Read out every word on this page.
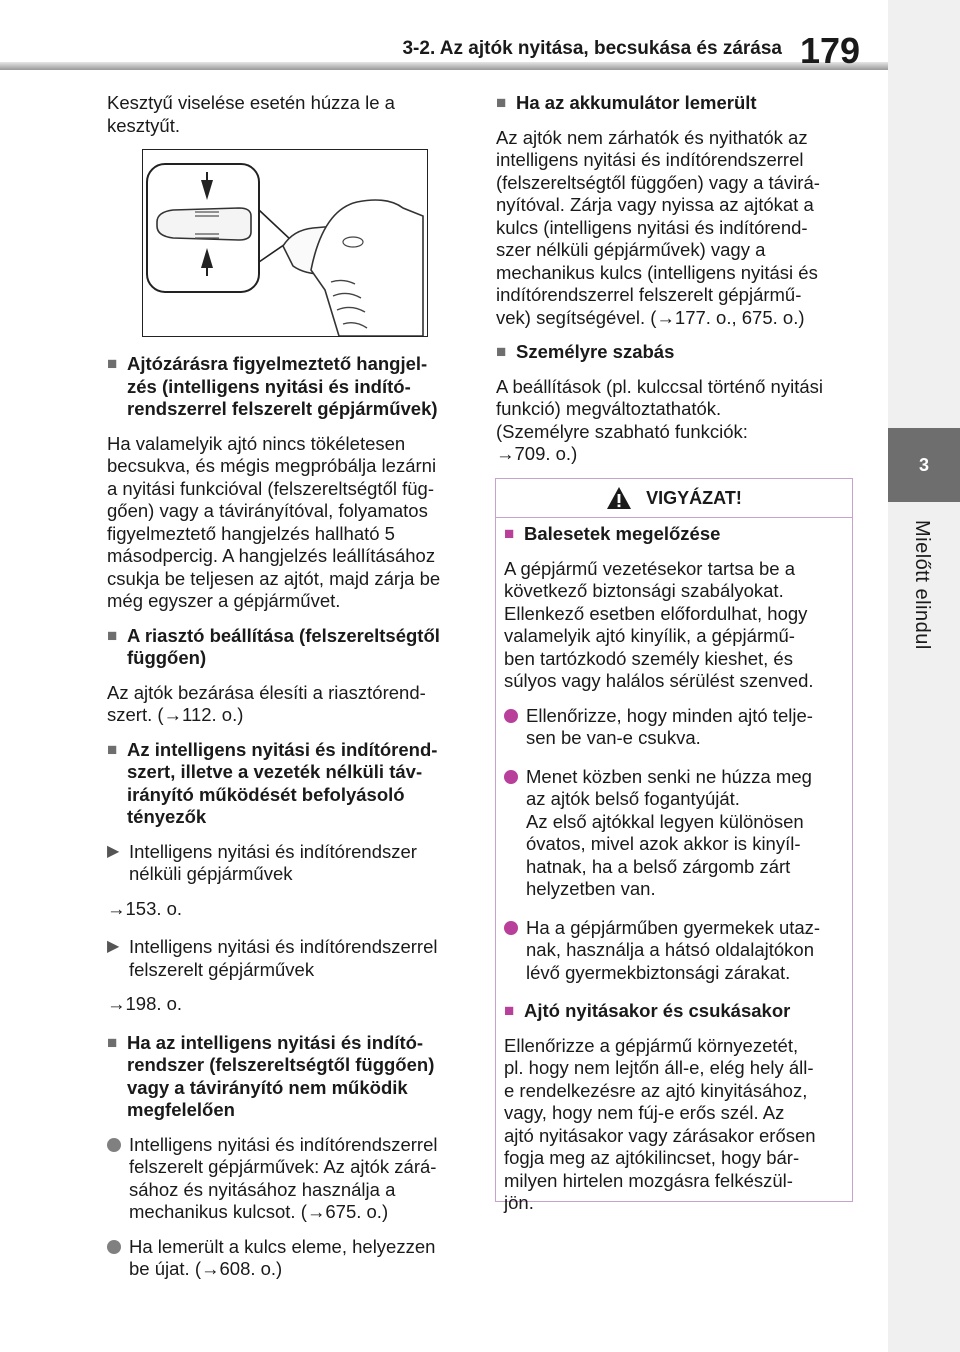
3-2. Az ajtók nyitása, becsukása és zárása 179
3
Mielőtt elindul

Kesztyű viselése esetén húzza le a
kesztyűt.

■ Ajtózárásra figyelmeztető hangjel-
zés (intelligens nyitási és indító-
rendszerrel felszerelt gépjárművek)

Ha valamelyik ajtó nincs tökéletesen
becsukva, és mégis megpróbálja lezárni
a nyitási funkcióval (felszereltségtől füg-
gően) vagy a távirányítóval, folyamatos
figyelmeztető hangjelzés hallható 5
másodpercig. A hangjelzés leállításához
csukja be teljesen az ajtót, majd zárja be
még egyszer a gépjárművet.

■ A riasztó beállítása (felszereltségtől
függően)

Az ajtók bezárása élesíti a riasztórend-
szert. (→112. o.)

■ Az intelligens nyitási és indítórend-
szert, illetve a vezeték nélküli táv-
irányító működését befolyásoló
tényezők
▶ Intelligens nyitási és indítórendszer
nélküli gépjárművek

→153. o.

▶ Intelligens nyitási és indítórendszerrel
felszerelt gépjárművek

→198. o.

■ Ha az intelligens nyitási és indító-
rendszer (felszereltségtől függően)
vagy a távirányító nem működik
megfelelően
Intelligens nyitási és indítórendszerrel
felszerelt gépjárművek: Az ajtók zárá-
sához és nyitásához használja a
mechanikus kulcsot. (→675. o.)
Ha lemerült a kulcs eleme, helyezzen
be újat. (→608. o.)
■ Ha az akkumulátor lemerült

Az ajtók nem zárhatók és nyithatók az
intelligens nyitási és indítórendszerrel
(felszereltségtől függően) vagy a távirá-
nyítóval. Zárja vagy nyissa az ajtókat a
kulcs (intelligens nyitási és indítórend-
szer nélküli gépjárművek) vagy a
mechanikus kulcs (intelligens nyitási és
indítórendszerrel felszerelt gépjármű-
vek) segítségével. (→177. o., 675. o.)

■ Személyre szabás

A beállítások (pl. kulccsal történő nyitási
funkció) megváltoztathatók.
(Személyre szabható funkciók:
→709. o.)

VIGYÁZAT!
■ Balesetek megelőzése

A gépjármű vezetésekor tartsa be a
következő biztonsági szabályokat.
Ellenkező esetben előfordulhat, hogy
valamelyik ajtó kinyílik, a gépjármű-
ben tartózkodó személy kieshet, és
súlyos vagy halálos sérülést szenved.

Ellenőrizze, hogy minden ajtó telje-
sen be van-e csukva.
Menet közben senki ne húzza meg
az ajtók belső fogantyúját.
Az első ajtókkal legyen különösen
óvatos, mivel azok akkor is kinyíl-
hatnak, ha a belső zárgomb zárt
helyzetben van.
Ha a gépjárműben gyermekek utaz-
nak, használja a hátsó oldalajtókon
lévő gyermekbiztonsági zárakat.
■ Ajtó nyitásakor és csukásakor

Ellenőrizze a gépjármű környezetét,
pl. hogy nem lejtőn áll-e, elég hely áll-
e rendelkezésre az ajtó kinyitásához,
vagy, hogy nem fúj-e erős szél. Az
ajtó nyitásakor vagy zárásakor erősen
fogja meg az ajtókilincset, hogy bár-
milyen hirtelen mozgásra felkészül-
jön.
